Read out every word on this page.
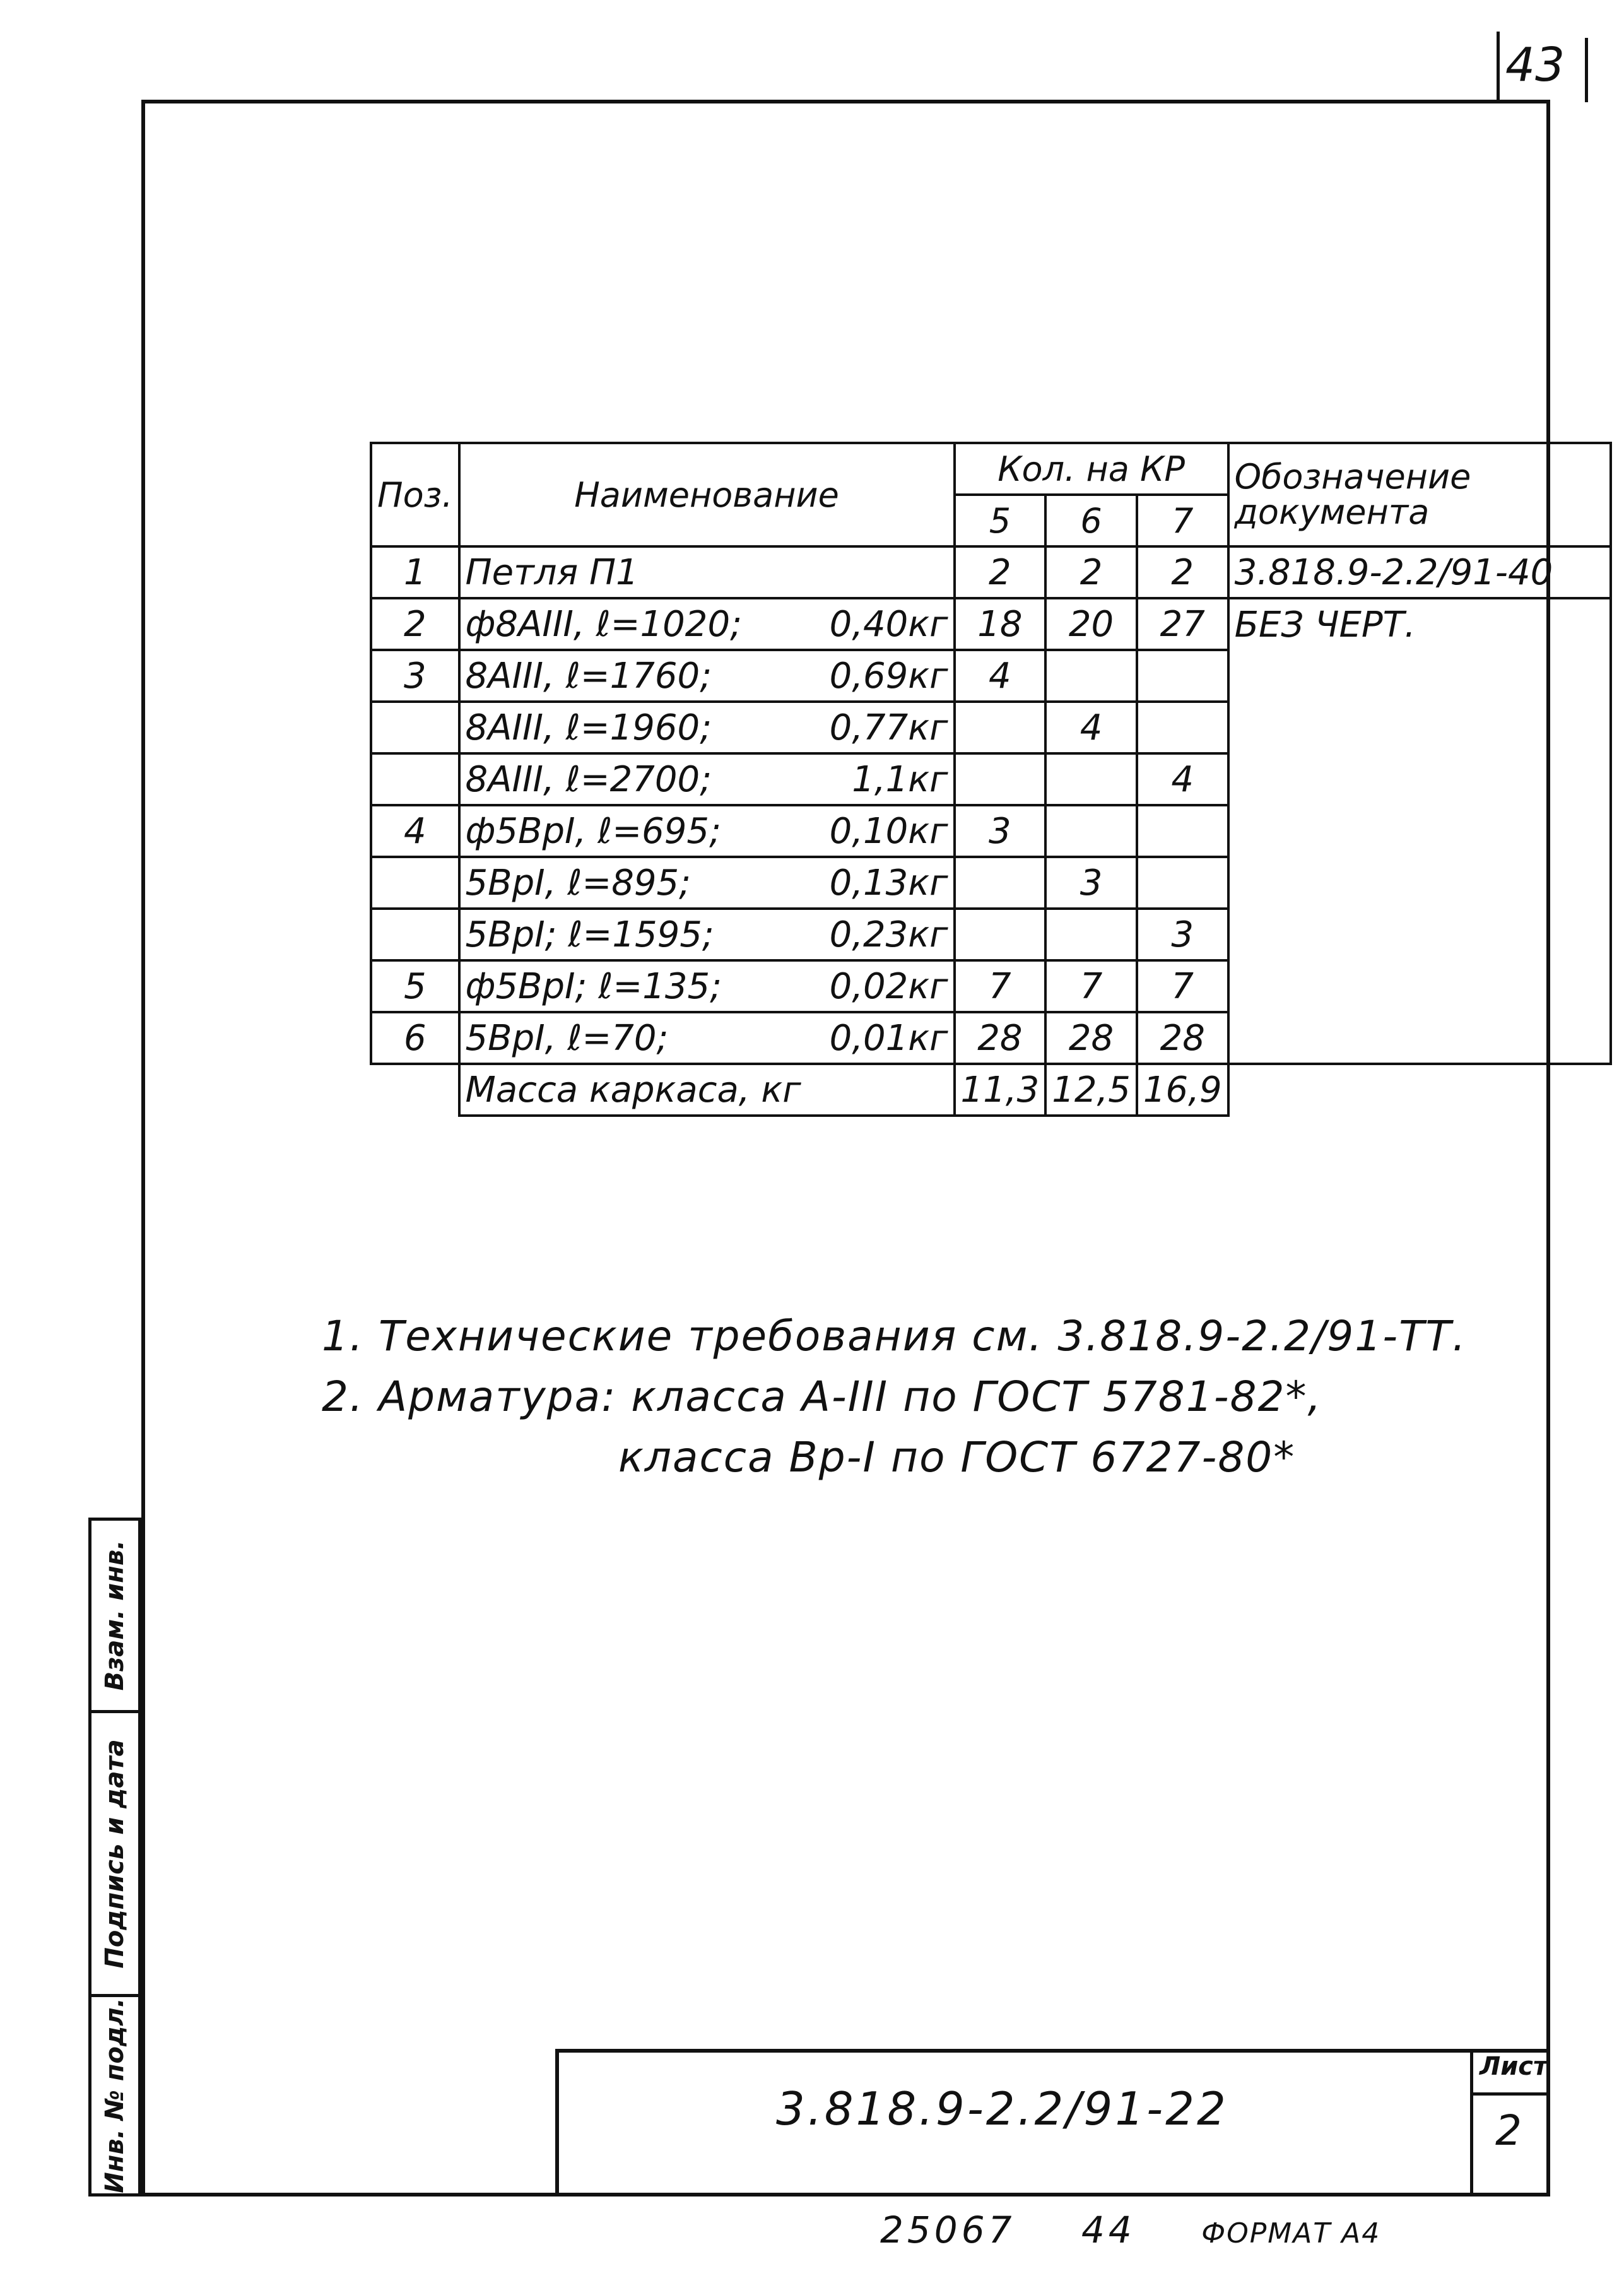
43
Поз.	Наименование	Кол. на КР			Обозначение документа
		5	6	7	
1	Петля П1	2	2	2	3.818.9-2.2/91-40
2	ф8АIII, ℓ=1020; 0,40кг	18	20	27	БЕЗ ЧЕРТ.
3	8АIII, ℓ=1760; 0,69кг	4			

	8АIII, ℓ=1960; 0,77кг		4		

	8АIII, ℓ=2700; 1,1кг			4	
4	ф5ВрI, ℓ=695; 0,10кг	3			

	5ВрI, ℓ=895; 0,13кг		3		

	5ВрI; ℓ=1595; 0,23кг			3	
5	ф5ВрI; ℓ=135; 0,02кг	7	7	7	
6	5ВрI, ℓ=70; 0,01кг	28	28	28	
	Масса каркаса, кг	11,3	12,5	16,9	
1. Технические требования см. 3.818.9-2.2/91-ТТ.
2. Арматура: класса А-III по ГОСТ 5781-82*,
класса Вр-I по ГОСТ 6727-80*
Взам. инв.
Подпись и дата
Инв. № подл.	3.818.9-2.2/91-22
Лист
2
25067 44 ФОРМАТ А4
